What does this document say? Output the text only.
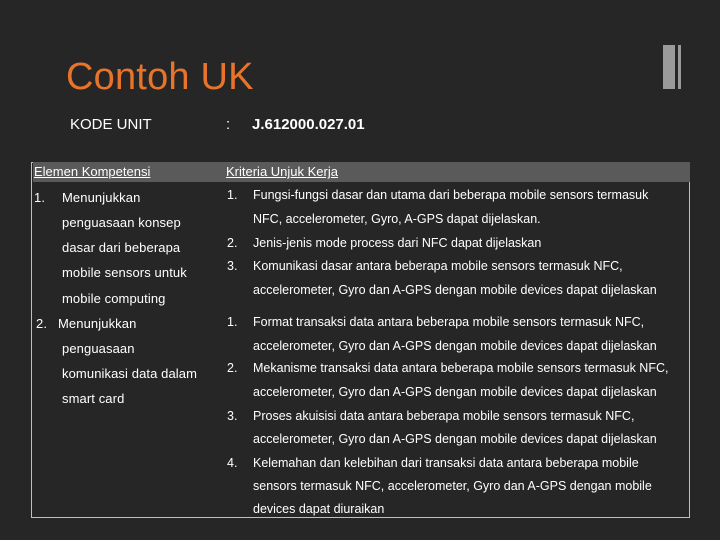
Contoh UK
KODE UNIT	: J.612000.027.01
Elemen Kompetensi	Kriteria Unjuk Kerja
1. Menunjukkan
penguasaan konsep
dasar dari beberapa
mobile sensors untuk
mobile computing
2. Menunjukkan
penguasaan
komunikasi data dalam
smart card
1. Fungsi-fungsi dasar dan utama dari beberapa mobile sensors termasuk
NFC, accelerometer, Gyro, A-GPS dapat dijelaskan.
2. Jenis-jenis mode process dari NFC dapat dijelaskan
3. Komunikasi dasar antara beberapa mobile sensors termasuk NFC,
accelerometer, Gyro dan A-GPS dengan mobile devices dapat dijelaskan
1. Format transaksi data antara beberapa mobile sensors termasuk NFC,
accelerometer, Gyro dan A-GPS dengan mobile devices dapat dijelaskan
2. Mekanisme transaksi data antara beberapa mobile sensors termasuk NFC,
accelerometer, Gyro dan A-GPS dengan mobile devices dapat dijelaskan
3. Proses akuisisi data antara beberapa mobile sensors termasuk NFC,
accelerometer, Gyro dan A-GPS dengan mobile devices dapat dijelaskan
4. Kelemahan dan kelebihan dari transaksi data antara beberapa mobile
sensors termasuk NFC, accelerometer, Gyro dan A-GPS dengan mobile
devices dapat diuraikan
